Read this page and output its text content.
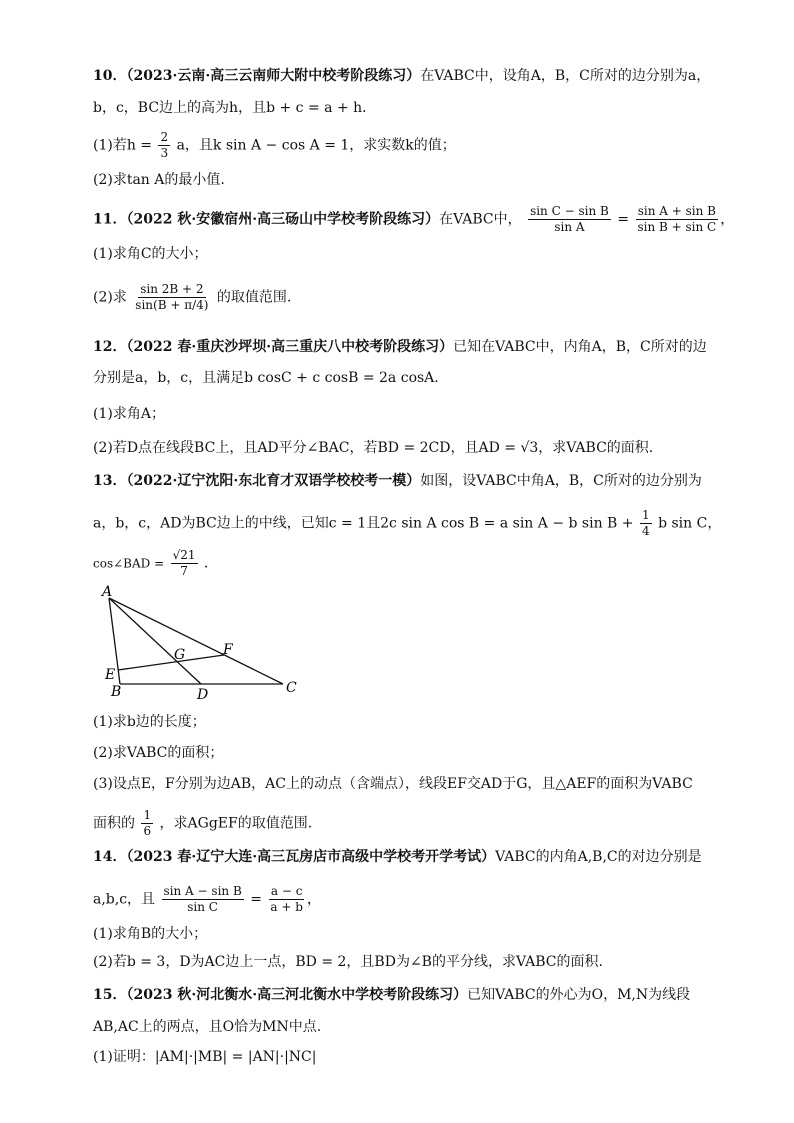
10．（2023·云南·高三云南师大附中校考阶段练习）在VABC中，设角A，B，C所对的边分别为a，
b，c，BC边上的高为h，且b + c = a + h．
(1)若$h = \frac{2}{3}$ a，且k sin A − cos A = 1，求实数k的值；
(2)求tan A的最小值.
11．（2022 秋·安徽宿州·高三砀山中学校考阶段练习）在VABC中， $\frac{\text{sin C − sin B}}{\text{sin A}} = \frac{\text{sin A + sin B}}{\text{sin B + sin C}}$ ，
(1)求角C的大小；
(2)求 $\frac{\sin 2B + 2}{\sin(B + \pi/4)}$ 的取值范围.
12．（2022 春·重庆沙坪坝·高三重庆八中校考阶段练习）已知在VABC中，内角A，B，C所对的边
分别是a，b，c，且满足b cosC + c cosB = 2a cosA.
(1)求角A；
(2)若D点在线段BC上，且AD平分∠BAC，若BD = 2CD，且AD = √3，求VABC的面积.
13．（2022·辽宁沈阳·东北育才双语学校校考一模）如图，设VABC中角A，B，C所对的边分别为
a，b，c，AD为BC边上的中线，已知c = 1且2c sin A cos B = a sin A − b $\sin B + \frac{1}{4}$ b sin C，
cos∠BAD = $\frac{√21}{7}$ ．
A
B	C
D
E
F
G
(1)求b边的长度；
(2)求VABC的面积；
(3)设点E，F分别为边AB，AC上的动点（含端点），线段EF交AD于G，且△AEF的面积为VABC
面积的 $\frac{1}{6}$ ，求AGgEF的取值范围.
14．（2023 春·辽宁大连·高三瓦房店市高级中学校考开学考试）VABC的内角A,B,C的对边分别是
a,b,c，且 $\frac{\text{sin A − sin B}}{\text{sin C}} = \frac{a - c}{a + b}$ ，
(1)求角B的大小；
(2)若b = 3，D为AC边上一点，BD = 2，且BD为∠B的平分线，求VABC的面积.
15．（2023 秋·河北衡水·高三河北衡水中学校考阶段练习）已知VABC的外心为O，M,N为线段
AB,AC上的两点，且O恰为MN中点.
(1)证明：|AM|·|MB| = |AN|·|NC|
